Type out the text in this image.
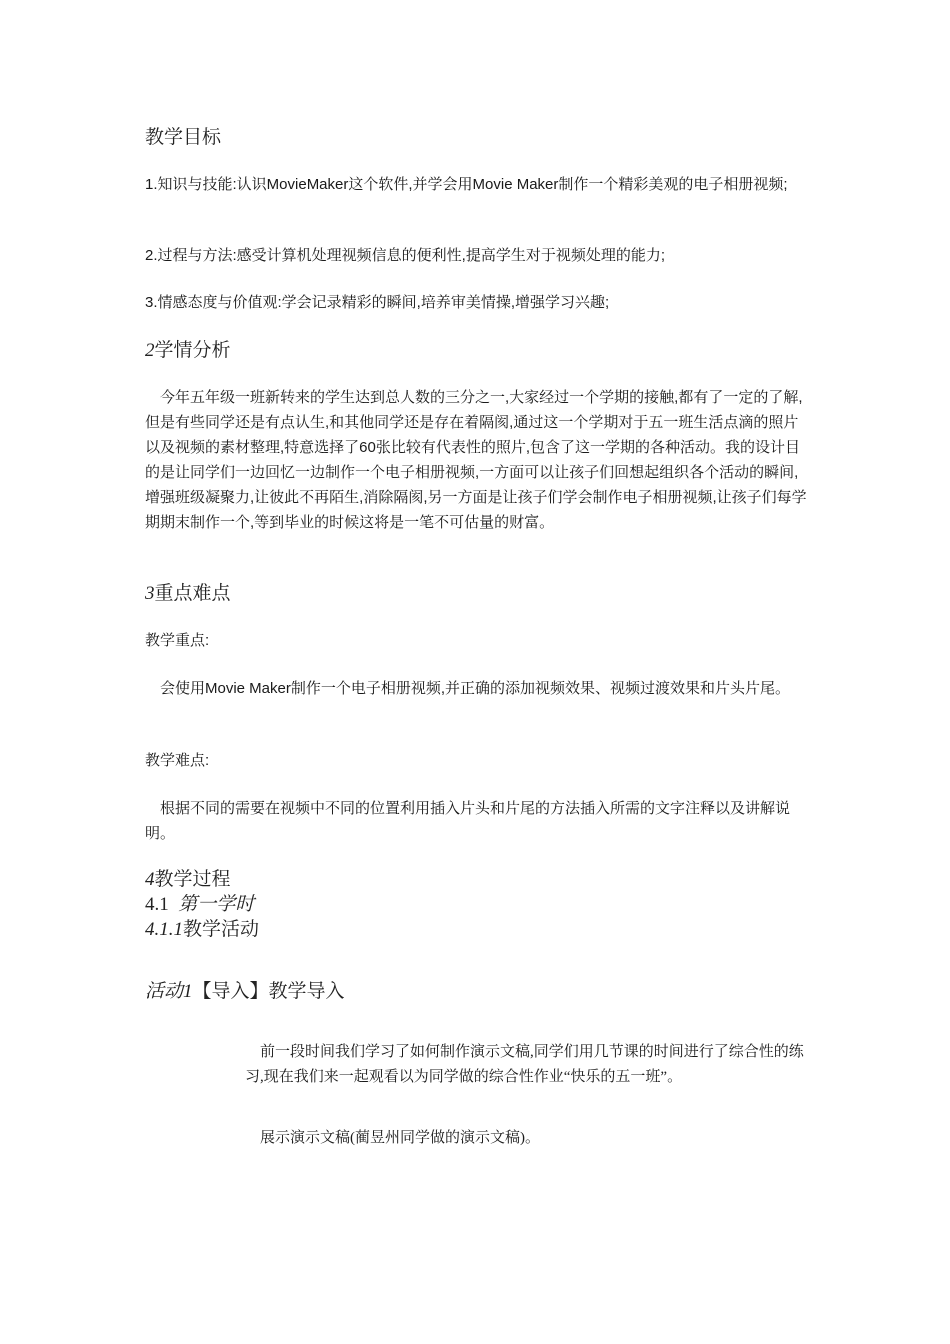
教学目标

1.知识与技能:认识MovieMaker这个软件,并学会用Movie Maker制作一个精彩美观的电子相册视频;

2.过程与方法:感受计算机处理视频信息的便利性,提高学生对于视频处理的能力;

3.情感态度与价值观:学会记录精彩的瞬间,培养审美情操,增强学习兴趣;

2学情分析

今年五年级一班新转来的学生达到总人数的三分之一,大家经过一个学期的接触,都有了一定的了解,但是有些同学还是有点认生,和其他同学还是存在着隔阂,通过这一个学期对于五一班生活点滴的照片以及视频的素材整理,特意选择了60张比较有代表性的照片,包含了这一学期的各种活动。我的设计目的是让同学们一边回忆一边制作一个电子相册视频,一方面可以让孩子们回想起组织各个活动的瞬间,增强班级凝聚力,让彼此不再陌生,消除隔阂,另一方面是让孩子们学会制作电子相册视频,让孩子们每学期期末制作一个,等到毕业的时候这将是一笔不可估量的财富。

3重点难点

教学重点:

会使用Movie Maker制作一个电子相册视频,并正确的添加视频效果、视频过渡效果和片头片尾。

教学难点:

根据不同的需要在视频中不同的位置利用插入片头和片尾的方法插入所需的文字注释以及讲解说明。

4教学过程

4.1 第一学时

4.1.1教学活动

活动1【导入】教学导入

前一段时间我们学习了如何制作演示文稿,同学们用几节课的时间进行了综合性的练习,现在我们来一起观看以为同学做的综合性作业“快乐的五一班”。

展示演示文稿(蔺昱州同学做的演示文稿)。
